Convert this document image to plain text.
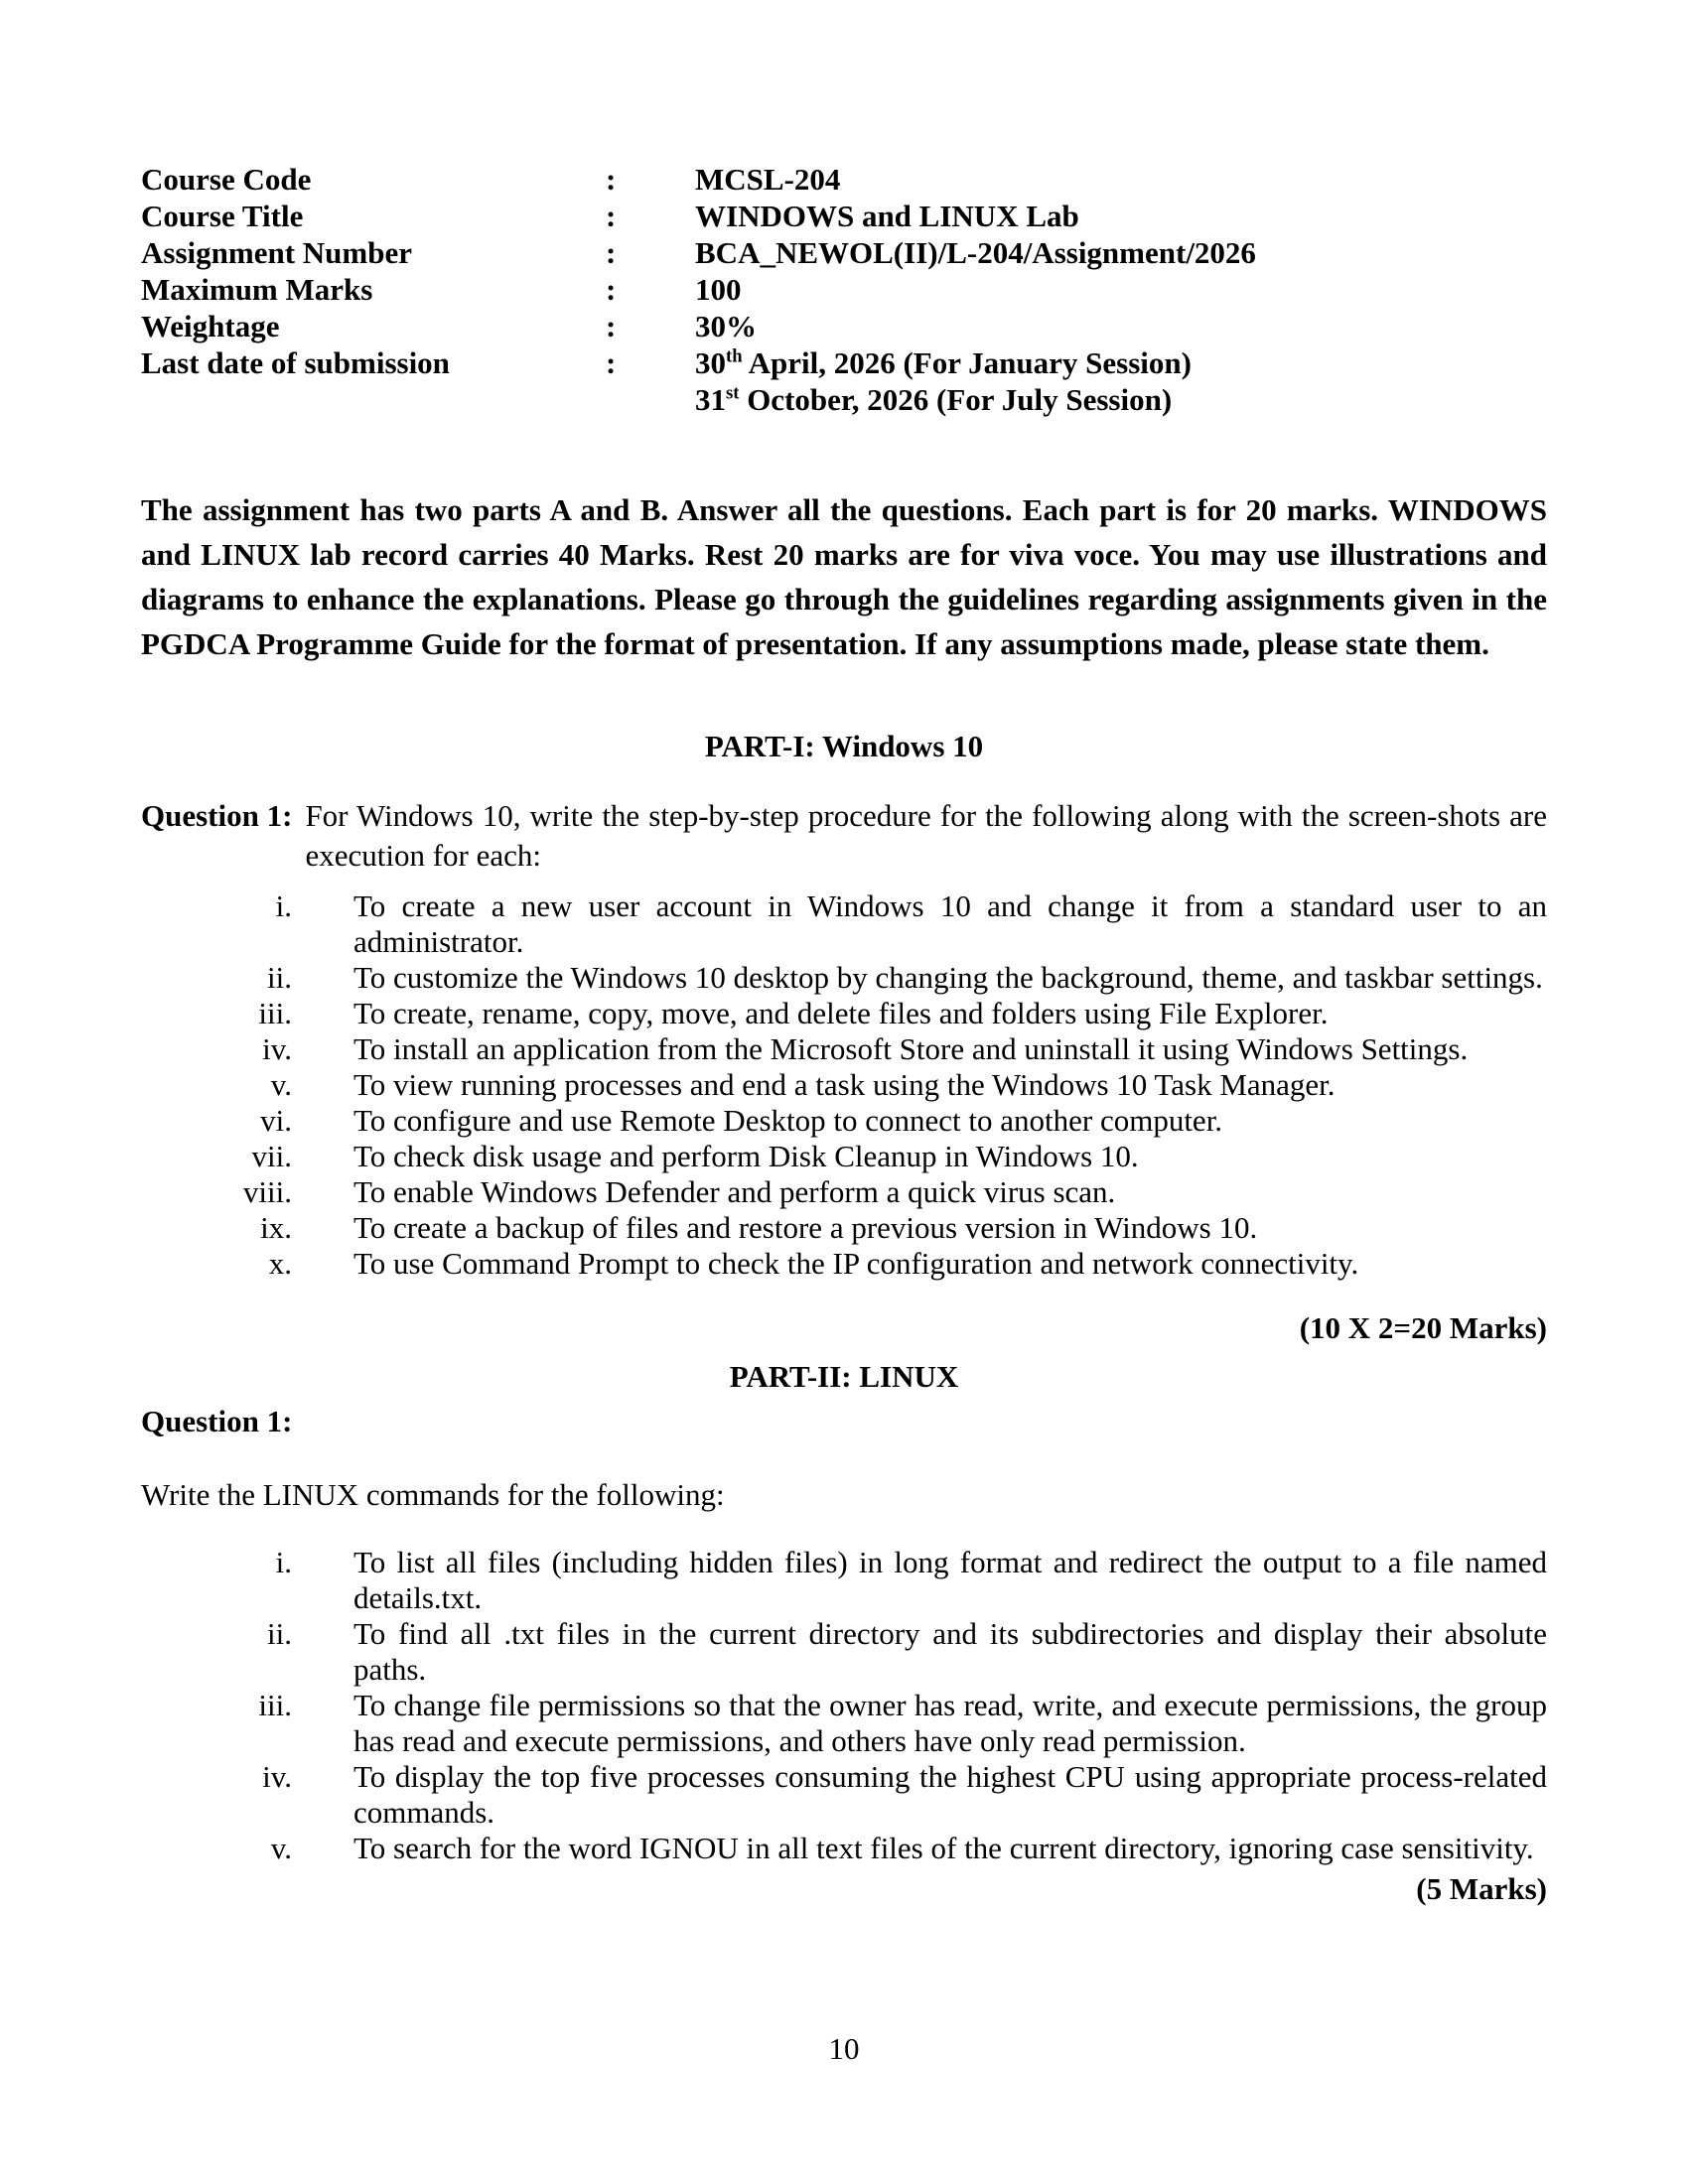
Course Code	:	MCSL-204
Course Title	:	WINDOWS and LINUX Lab
Assignment Number	:	BCA_NEWOL(II)/L-204/Assignment/2026
Maximum Marks	:	100
Weightage	:	30%
Last date of submission	:	30th April, 2026 (For January Session)
31st October, 2026 (For July Session)

The assignment has two parts A and B. Answer all the questions. Each part is for 20 marks. WINDOWS and LINUX lab record carries 40 Marks. Rest 20 marks are for viva voce. You may use illustrations and diagrams to enhance the explanations. Please go through the guidelines regarding assignments given in the PGDCA Programme Guide for the format of presentation. If any assumptions made, please state them.

PART-I: Windows 10
Question 1: For Windows 10, write the step-by-step procedure for the following along with the screen-shots are execution for each:
i. To create a new user account in Windows 10 and change it from a standard user to an administrator.
ii. To customize the Windows 10 desktop by changing the background, theme, and taskbar settings.
iii. To create, rename, copy, move, and delete files and folders using File Explorer.
iv. To install an application from the Microsoft Store and uninstall it using Windows Settings.
v. To view running processes and end a task using the Windows 10 Task Manager.
vi. To configure and use Remote Desktop to connect to another computer.
vii. To check disk usage and perform Disk Cleanup in Windows 10.
viii. To enable Windows Defender and perform a quick virus scan.
ix. To create a backup of files and restore a previous version in Windows 10.
x. To use Command Prompt to check the IP configuration and network connectivity.
(10 X 2=20 Marks)
PART-II: LINUX
Question 1:

Write the LINUX commands for the following:

i. To list all files (including hidden files) in long format and redirect the output to a file named details.txt.
ii. To find all .txt files in the current directory and its subdirectories and display their absolute paths.
iii. To change file permissions so that the owner has read, write, and execute permissions, the group has read and execute permissions, and others have only read permission.
iv. To display the top five processes consuming the highest CPU using appropriate process-related commands.
v. To search for the word IGNOU in all text files of the current directory, ignoring case sensitivity.
(5 Marks)
10
